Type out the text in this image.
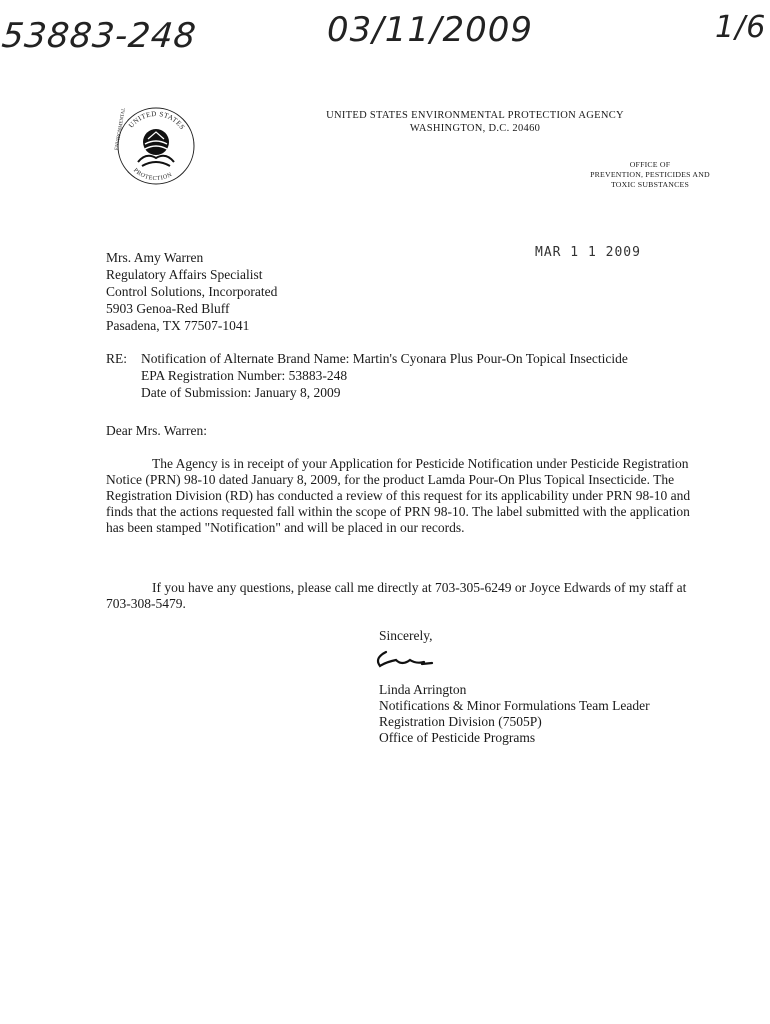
53883-248	03/11/2009	1/6
UNITED STATES
PROTECTION
ENVIRONMENTAL	UNITED STATES ENVIRONMENTAL PROTECTION AGENCY
WASHINGTON, D.C. 20460
OFFICE OF
PREVENTION, PESTICIDES AND
TOXIC SUBSTANCES
MAR 1 1 2009
Mrs. Amy Warren
Regulatory Affairs Specialist
Control Solutions, Incorporated
5903 Genoa-Red Bluff
Pasadena, TX 77507-1041
RE: Notification of Alternate Brand Name: Martin's Cyonara Plus Pour-On Topical Insecticide
EPA Registration Number: 53883-248
Date of Submission: January 8, 2009
Dear Mrs. Warren:
The Agency is in receipt of your Application for Pesticide Notification under Pesticide Registration Notice (PRN) 98-10 dated January 8, 2009, for the product Lamda Pour-On Plus Topical Insecticide. The Registration Division (RD) has conducted a review of this request for its applicability under PRN 98-10 and finds that the actions requested fall within the scope of PRN 98-10. The label submitted with the application has been stamped "Notification" and will be placed in our records.
If you have any questions, please call me directly at 703-305-6249 or Joyce Edwards of my staff at 703-308-5479.
Sincerely,
Linda Arrington
Notifications & Minor Formulations Team Leader
Registration Division (7505P)
Office of Pesticide Programs
